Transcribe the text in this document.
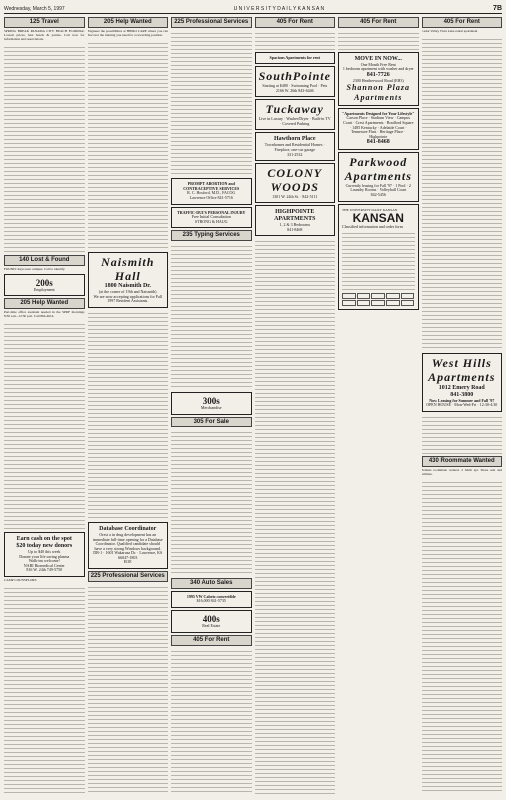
Wednesday, March 5, 1997	U N I V E R S I T Y D A I L Y K A N S A N	7B
125 Travel
SPRING BREAK PANAMA CITY BEACH FLORIDA! Lowest prices, best hotels & parties. Call now for information and reservations.
140 Lost & Found
FOUND: Keys near campus. Call to identify.
200s
Employment
205 Help Wanted
Part-time office assistant needed in the SPRF mornings 8:30 a.m.–12:30 p.m. Call 864-4614.
Earn cash on the spot
$20 today new donors
Up to $40 this week
Donate your life saving plasma
Walk-ins welcome!
NABI Biomedical Center
816 W. 24th 749-5750
CAMP COUNSELORS
205 Help Wanted
Engineer the possibilities at HIPRO CARE where you can discover the training you need for a rewarding position.
Naismith Hall
1800 Naismith Dr.
(at the corner of 19th and Naismith)
We are now accepting applications for Fall 1997 Resident Assistants.
Database Coordinator
Orest a in drug development has an immediate full-time opening for a Database Coordinator. Qualified candidate should have a very strong Windows background.
DB-1 · 1601 Wakarusa Dr. · Lawrence, KS 66047-1803
EOE
225 Professional Services
225 Professional Services
PROMPT ABORTION and CONTRACEPTIVE SERVICES
R. C. Hosford, M.D., FACOG
Lawrence Office 841-5716
TRAFFIC-DUI'S PERSONAL INJURY
Free Initial Consultation
STRONG & HAUG
235 Typing Services
300s
Merchandise
305 For Sale
340 Auto Sales
1995 VW Cabrio convertible
$16,000 841-5735
400s
Real Estate
405 For Rent
405 For Rent
Spacious Apartments for rent
SouthPointe
Starting at $480 · Swimming Pool · Pets
2166 W. 26th 843-6446
Tuckaway
Live in Luxury · Washer/Dryer · Built-in TV · Covered Parking
Hawthorn Place
Townhomes and Residential Homes · Fireplace, one-car garage
331-2532
COLONY WOODS
1301 W. 24th St. · 842-5111
HIGHPOINTE APARTMENTS
1, 2 & 3 Bedrooms
841-8468
405 For Rent
MOVE IN NOW...
One Month Free Rent
1 bedroom apartment with washer and dryer
841-7726
2300 Heatherwood Road (EH3)
Shannon Plaza Apartments
"Apartments Designed for Your Lifestyle"
Carson Place · Stadium View · Campus Court · Crest Apartments · Bradford Square · 1485 Kentucky · Adelaide Court · Tennessee Flats · Heritage Place · Highpointe
841-8468
Parkwood Apartments
Currently leasing for Fall '97 · 1 Pool · 2 Laundry Rooms · Volleyball Court
842-5456
THE UNIVERSITY DAILY KANSAN
KANSAN
Classified information and order form
405 For Rent
Cedar Valley Twin Lake rental apartment
West Hills Apartments
1012 Emery Road
841-3800
Now Leasing for Summer and Fall '97
OPEN HOUSE · Mon-Wed-Fri · 12:30-4:30
430 Roommate Wanted
Female roommate wanted. 2 bdrm apt. Share rent and utilities.
